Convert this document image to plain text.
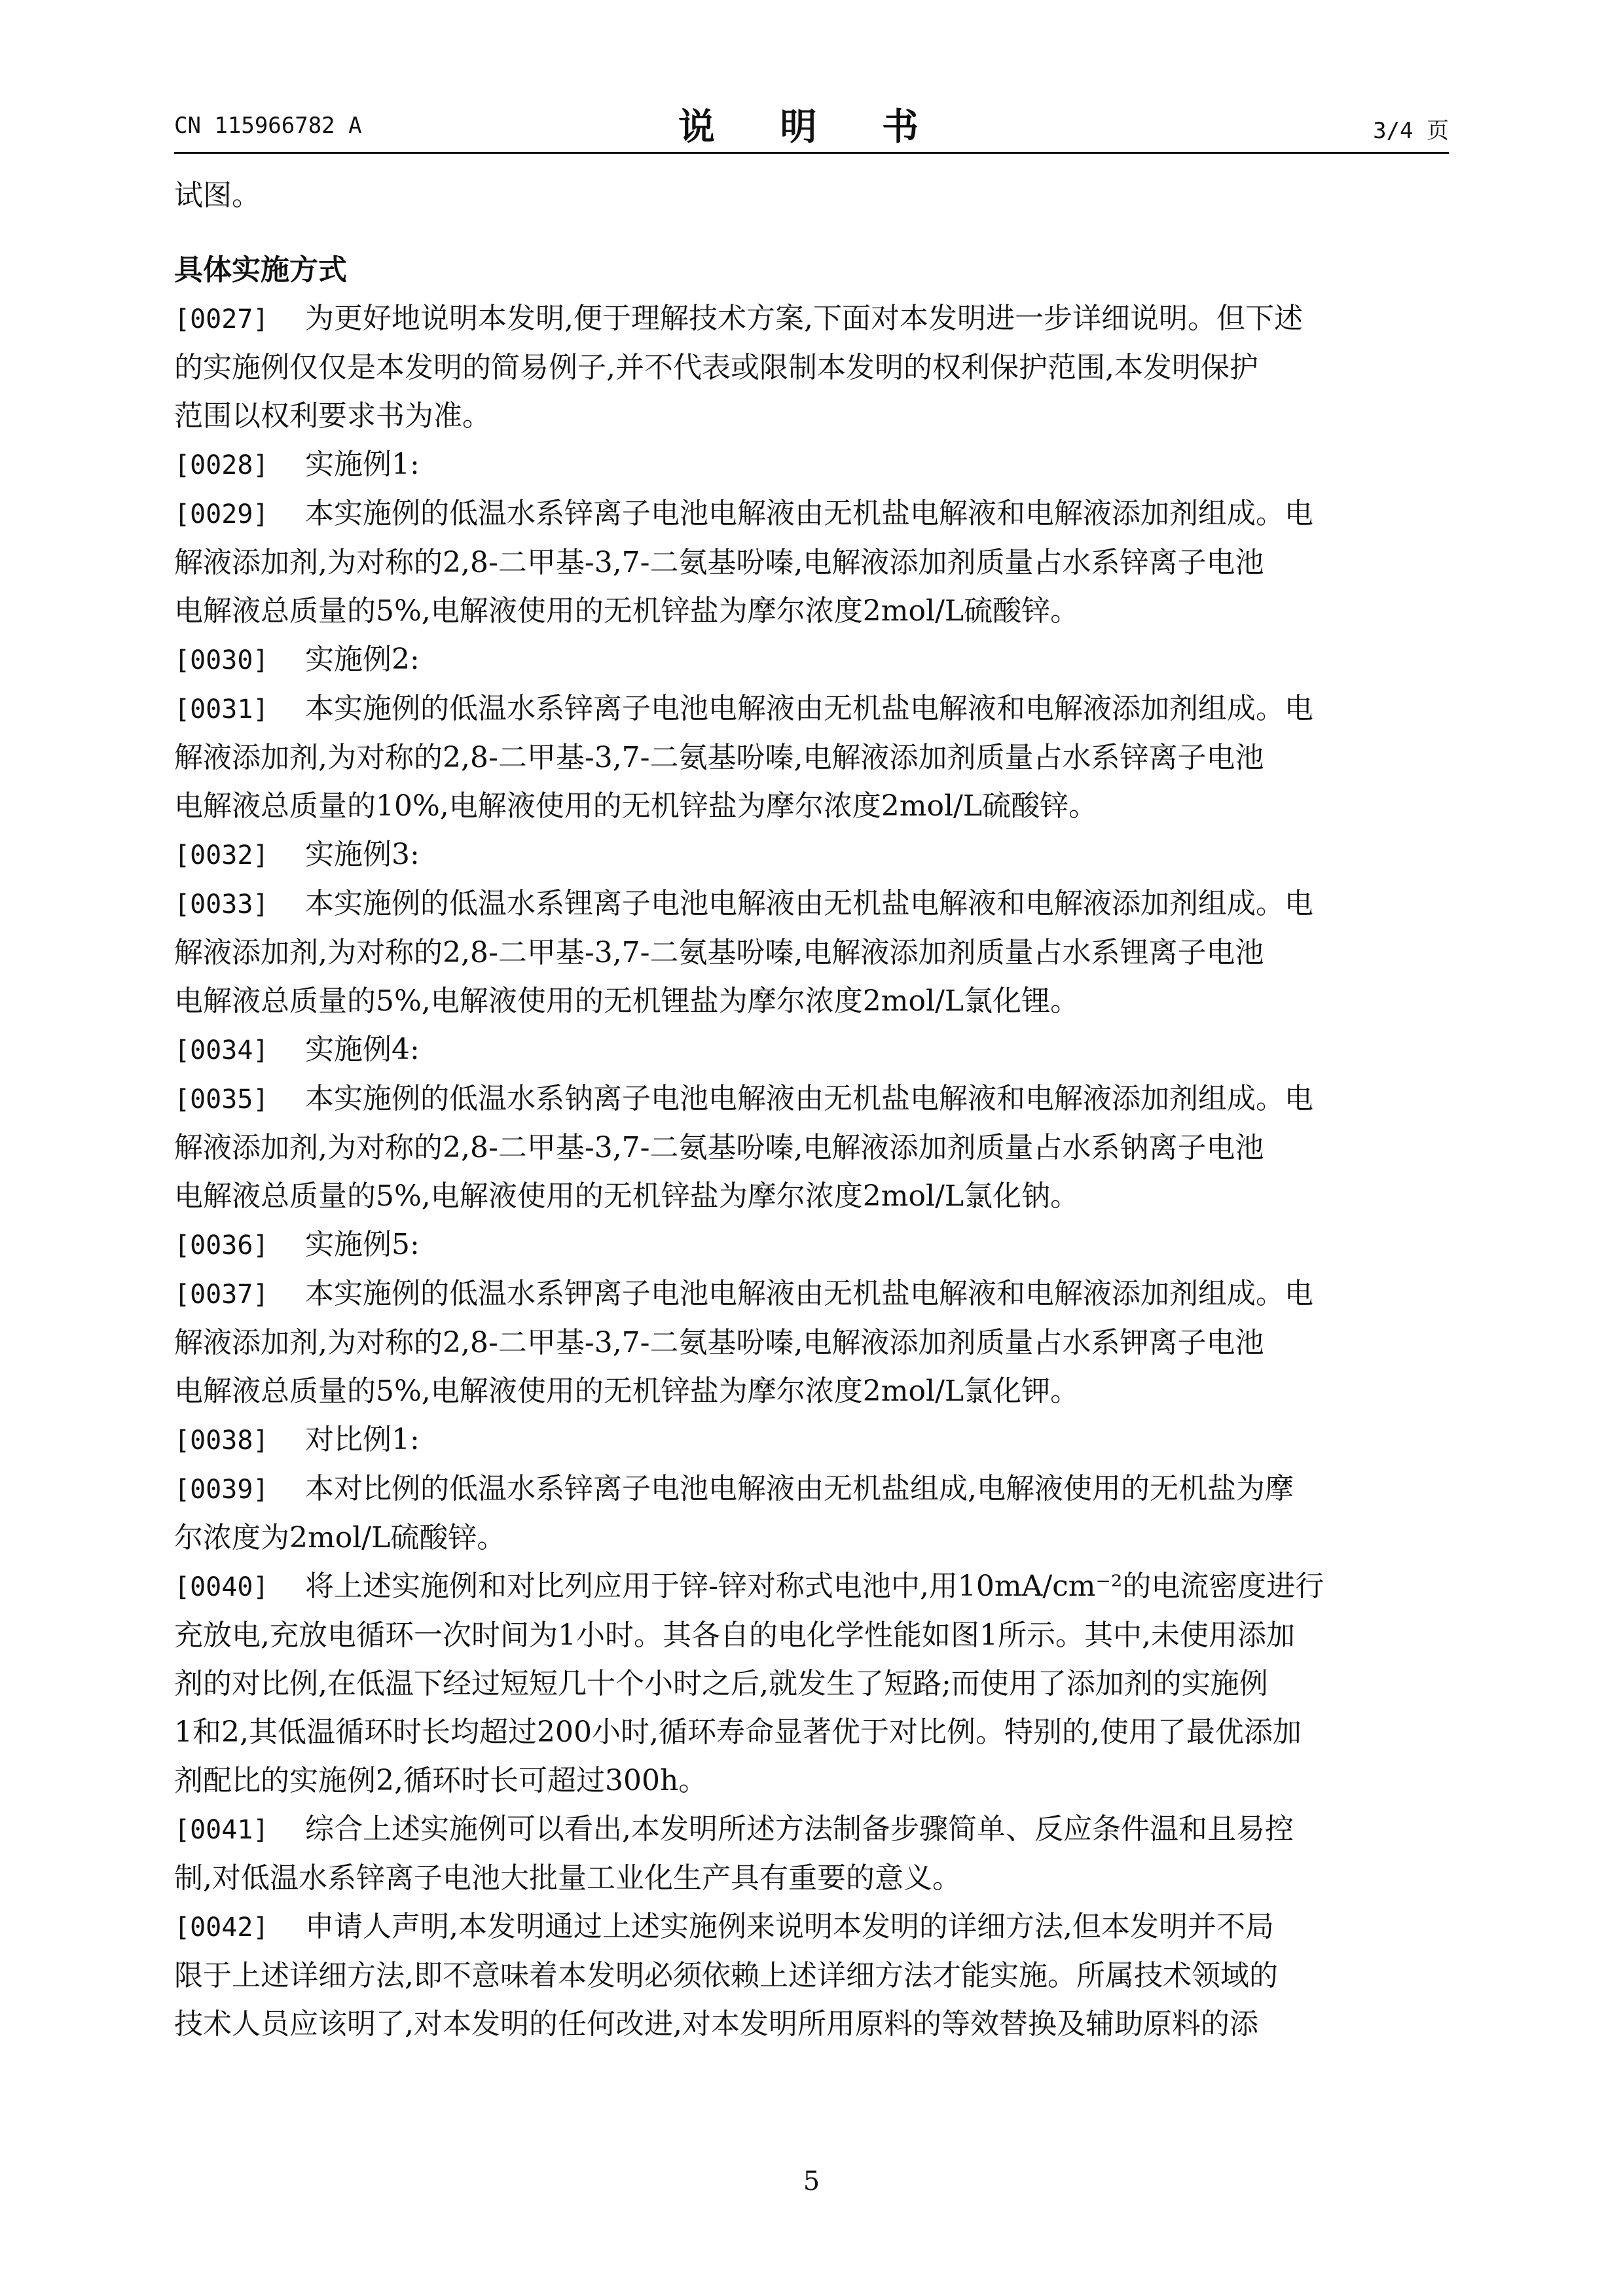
CN 115966782 A	说 明 书	3/4 页
试图。
具体实施方式
[0027] 为更好地说明本发明,便于理解技术方案,下面对本发明进一步详细说明。但下述
的实施例仅仅是本发明的简易例子,并不代表或限制本发明的权利保护范围,本发明保护
范围以权利要求书为准。
[0028] 实施例1:
[0029] 本实施例的低温水系锌离子电池电解液由无机盐电解液和电解液添加剂组成。电
解液添加剂,为对称的2,8-二甲基-3,7-二氨基吩嗪,电解液添加剂质量占水系锌离子电池
电解液总质量的5%,电解液使用的无机锌盐为摩尔浓度2mol/L硫酸锌。
[0030] 实施例2:
[0031] 本实施例的低温水系锌离子电池电解液由无机盐电解液和电解液添加剂组成。电
解液添加剂,为对称的2,8-二甲基-3,7-二氨基吩嗪,电解液添加剂质量占水系锌离子电池
电解液总质量的10%,电解液使用的无机锌盐为摩尔浓度2mol/L硫酸锌。
[0032] 实施例3:
[0033] 本实施例的低温水系锂离子电池电解液由无机盐电解液和电解液添加剂组成。电
解液添加剂,为对称的2,8-二甲基-3,7-二氨基吩嗪,电解液添加剂质量占水系锂离子电池
电解液总质量的5%,电解液使用的无机锂盐为摩尔浓度2mol/L氯化锂。
[0034] 实施例4:
[0035] 本实施例的低温水系钠离子电池电解液由无机盐电解液和电解液添加剂组成。电
解液添加剂,为对称的2,8-二甲基-3,7-二氨基吩嗪,电解液添加剂质量占水系钠离子电池
电解液总质量的5%,电解液使用的无机锌盐为摩尔浓度2mol/L氯化钠。
[0036] 实施例5:
[0037] 本实施例的低温水系钾离子电池电解液由无机盐电解液和电解液添加剂组成。电
解液添加剂,为对称的2,8-二甲基-3,7-二氨基吩嗪,电解液添加剂质量占水系钾离子电池
电解液总质量的5%,电解液使用的无机锌盐为摩尔浓度2mol/L氯化钾。
[0038] 对比例1:
[0039] 本对比例的低温水系锌离子电池电解液由无机盐组成,电解液使用的无机盐为摩
尔浓度为2mol/L硫酸锌。
[0040] 将上述实施例和对比列应用于锌-锌对称式电池中,用10mA/cm⁻²的电流密度进行
充放电,充放电循环一次时间为1小时。其各自的电化学性能如图1所示。其中,未使用添加
剂的对比例,在低温下经过短短几十个小时之后,就发生了短路;而使用了添加剂的实施例
1和2,其低温循环时长均超过200小时,循环寿命显著优于对比例。特别的,使用了最优添加
剂配比的实施例2,循环时长可超过300h。
[0041] 综合上述实施例可以看出,本发明所述方法制备步骤简单、反应条件温和且易控
制,对低温水系锌离子电池大批量工业化生产具有重要的意义。
[0042] 申请人声明,本发明通过上述实施例来说明本发明的详细方法,但本发明并不局
限于上述详细方法,即不意味着本发明必须依赖上述详细方法才能实施。所属技术领域的
技术人员应该明了,对本发明的任何改进,对本发明所用原料的等效替换及辅助原料的添
5
